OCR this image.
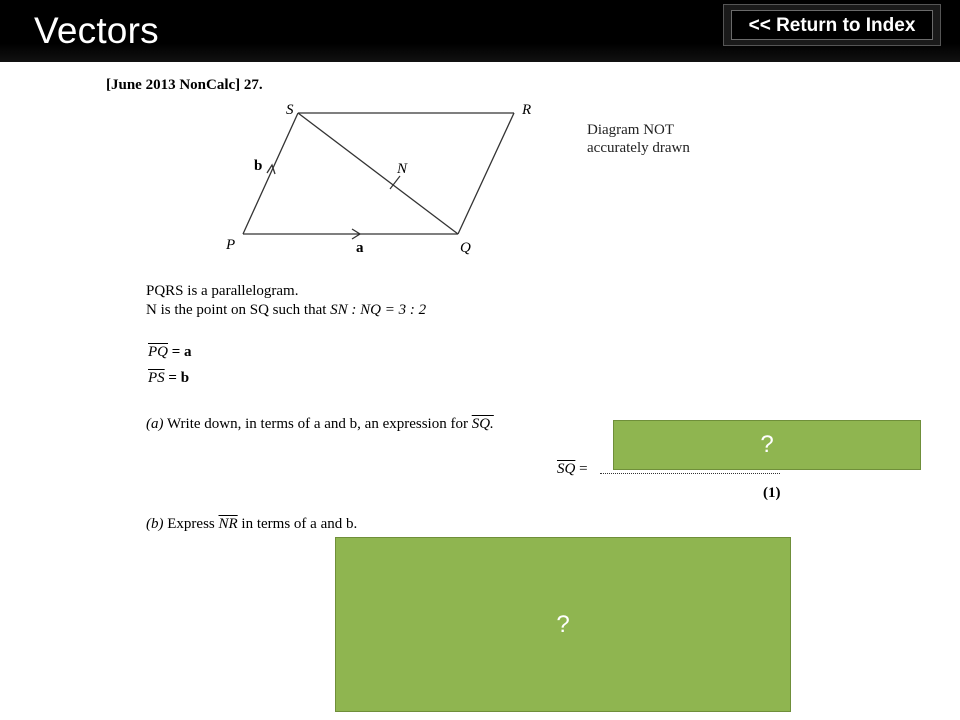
Vectors	<< Return to Index
[June 2013 NonCalc] 27.
S	R
P	Q
N
b
a
Diagram NOT
accurately drawn
PQRS is a parallelogram.
N is the point on SQ such that SN : NQ = 3 : 2
$\overline{PQ} = a$
$\overline{PS} = b$
(a) Write down, in terms of a and b, an expression for SQ.
$\overline{SQ}$ =
(1)
(b) Express $\overline{NR}$ in terms of a and b.
?
?
